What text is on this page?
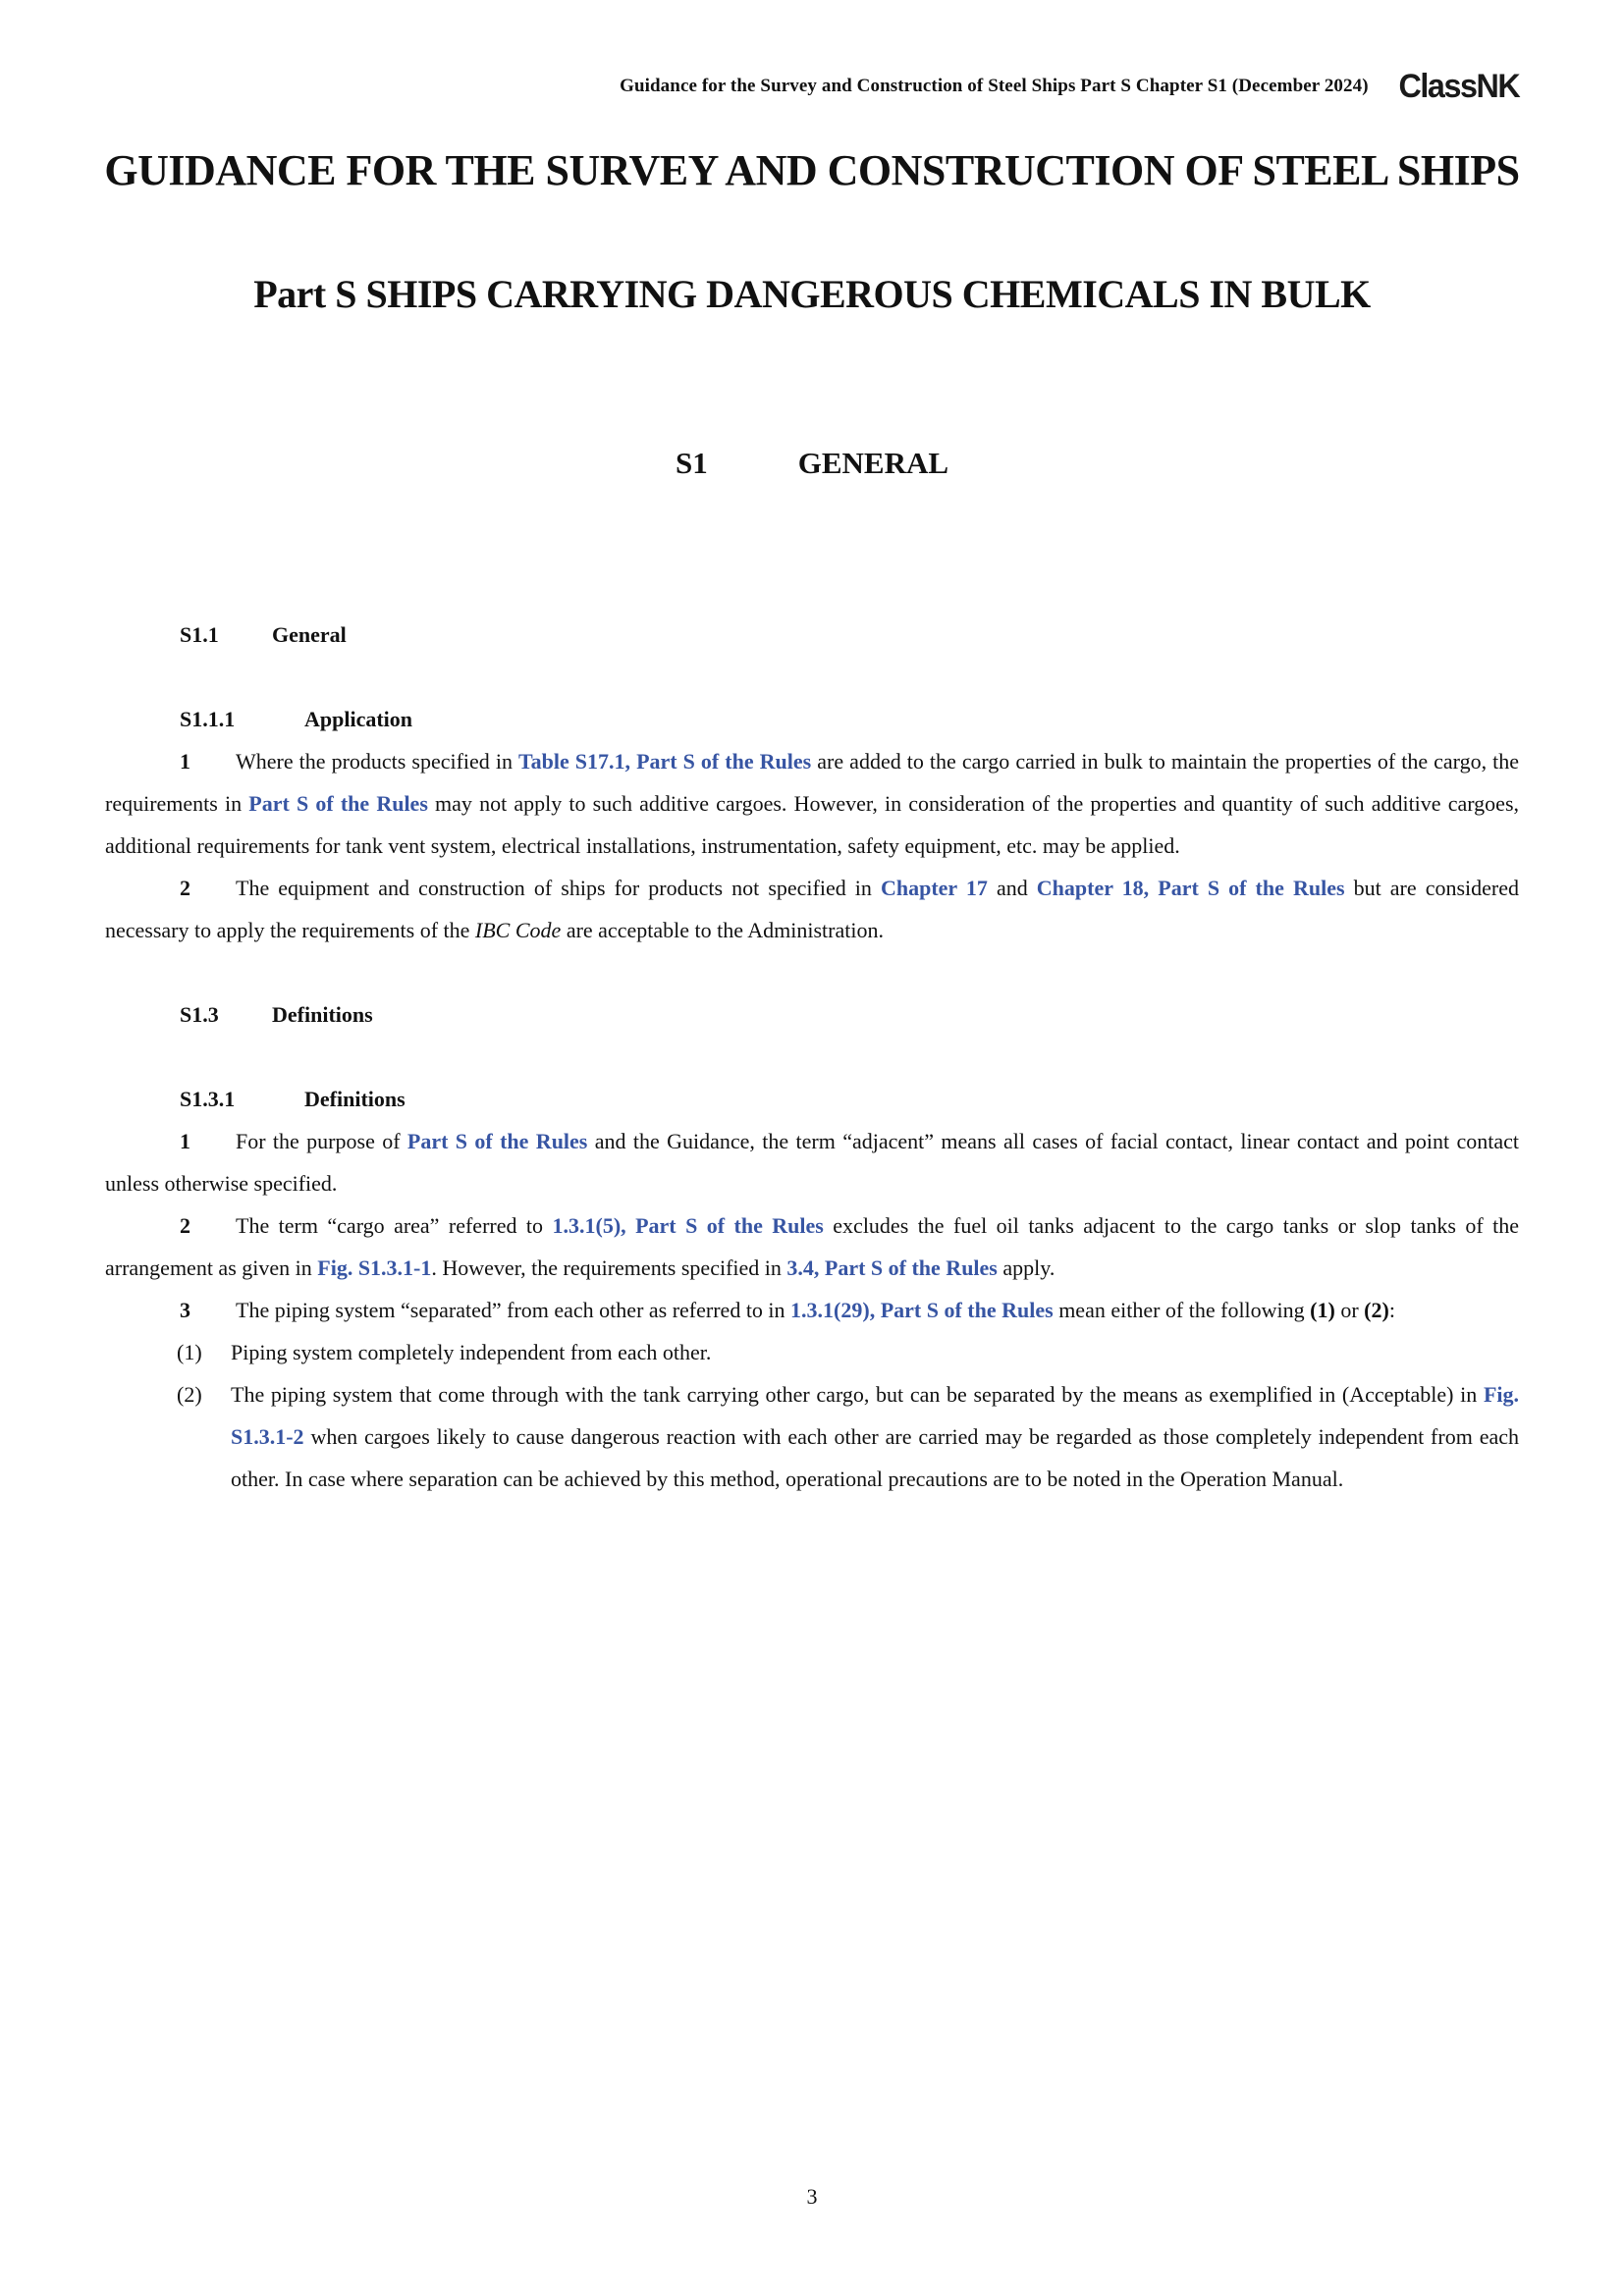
Guidance for the Survey and Construction of Steel Ships Part S Chapter S1 (December 2024) ClassNK
GUIDANCE FOR THE SURVEY AND CONSTRUCTION OF STEEL SHIPS
Part S SHIPS CARRYING DANGEROUS CHEMICALS IN BULK
S1	GENERAL
S1.1 General
S1.1.1	Application
1 Where the products specified in Table S17.1, Part S of the Rules are added to the cargo carried in bulk to maintain the properties of the cargo, the requirements in Part S of the Rules may not apply to such additive cargoes. However, in consideration of the properties and quantity of such additive cargoes, additional requirements for tank vent system, electrical installations, instrumentation, safety equipment, etc. may be applied.
2 The equipment and construction of ships for products not specified in Chapter 17 and Chapter 18, Part S of the Rules but are considered necessary to apply the requirements of the IBC Code are acceptable to the Administration.
S1.3 Definitions
S1.3.1	Definitions
1 For the purpose of Part S of the Rules and the Guidance, the term “adjacent” means all cases of facial contact, linear contact and point contact unless otherwise specified.
2 The term “cargo area” referred to 1.3.1(5), Part S of the Rules excludes the fuel oil tanks adjacent to the cargo tanks or slop tanks of the arrangement as given in Fig. S1.3.1-1. However, the requirements specified in 3.4, Part S of the Rules apply.
3 The piping system “separated” from each other as referred to in 1.3.1(29), Part S of the Rules mean either of the following (1) or (2):
(1) Piping system completely independent from each other.
(2) The piping system that come through with the tank carrying other cargo, but can be separated by the means as exemplified in (Acceptable) in Fig. S1.3.1-2 when cargoes likely to cause dangerous reaction with each other are carried may be regarded as those completely independent from each other. In case where separation can be achieved by this method, operational precautions are to be noted in the Operation Manual.
3
